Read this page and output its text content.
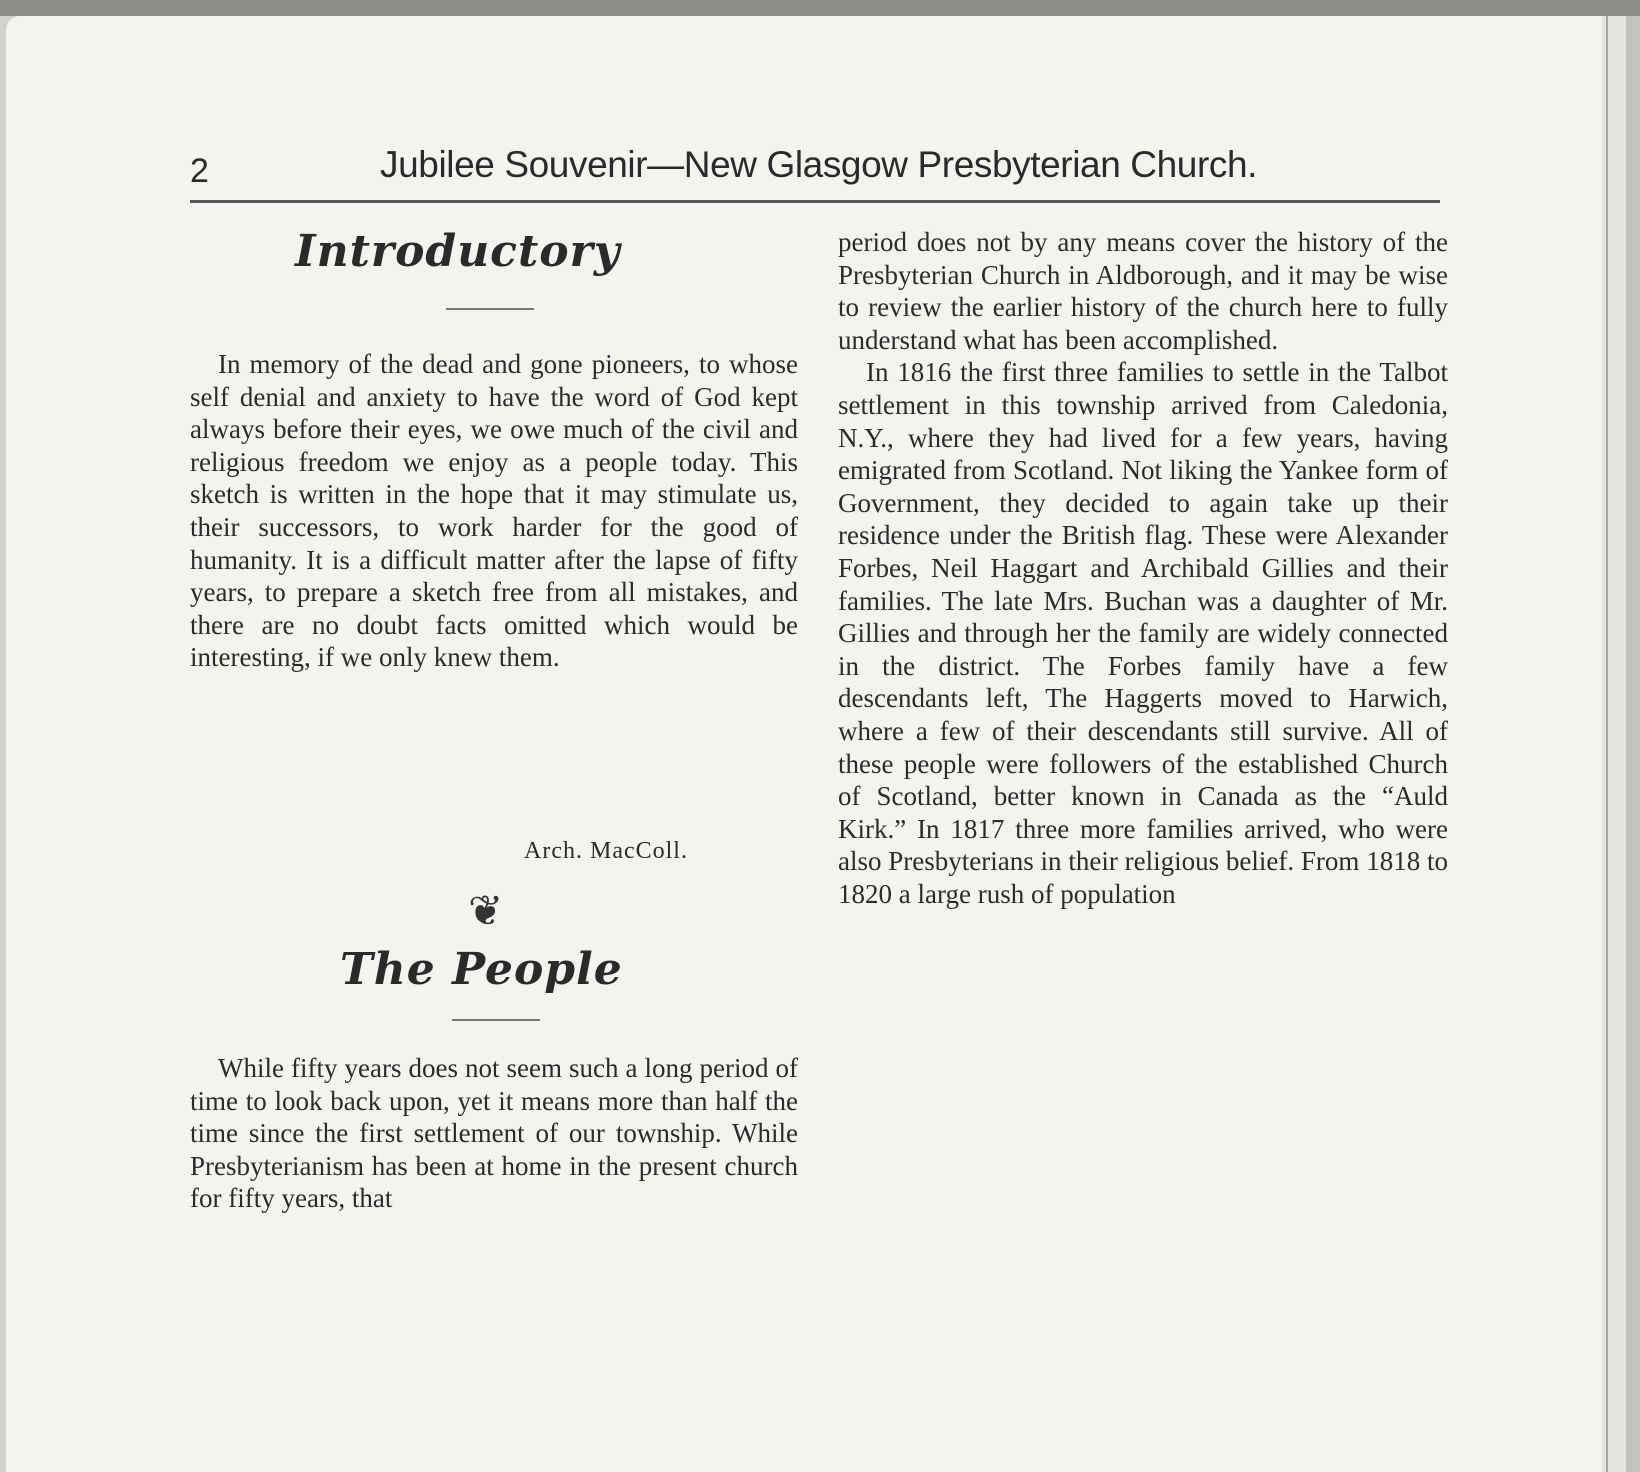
2	Jubilee Souvenir—New Glasgow Presbyterian Church.
Introductory

In memory of the dead and gone pioneers, to whose self denial and anxiety to have the word of God kept always before their eyes, we owe much of the civil and religious freedom we enjoy as a people today. This sketch is written in the hope that it may stimulate us, their successors, to work harder for the good of humanity. It is a difficult matter after the lapse of fifty years, to prepare a sketch free from all mistakes, and there are no doubt facts omitted which would be interesting, if we only knew them.

Arch. MacColl.
❦
The People

While fifty years does not seem such a long period of time to look back upon, yet it means more than half the time since the first settlement of our township. While Presbyterianism has been at home in the present church for fifty years, that

period does not by any means cover the history of the Presbyterian Church in Aldborough, and it may be wise to review the earlier history of the church here to fully understand what has been accomplished.

In 1816 the first three families to settle in the Talbot settlement in this township arrived from Caledonia, N.Y., where they had lived for a few years, having emigrated from Scotland. Not liking the Yankee form of Government, they decided to again take up their residence under the British flag. These were Alexander Forbes, Neil Haggart and Archibald Gillies and their families. The late Mrs. Buchan was a daughter of Mr. Gillies and through her the family are widely connected in the district. The Forbes family have a few descendants left, The Haggerts moved to Harwich, where a few of their descendants still survive. All of these people were followers of the established Church of Scotland, better known in Canada as the “Auld Kirk.” In 1817 three more families arrived, who were also Presbyterians in their religious belief. From 1818 to 1820 a large rush of population
